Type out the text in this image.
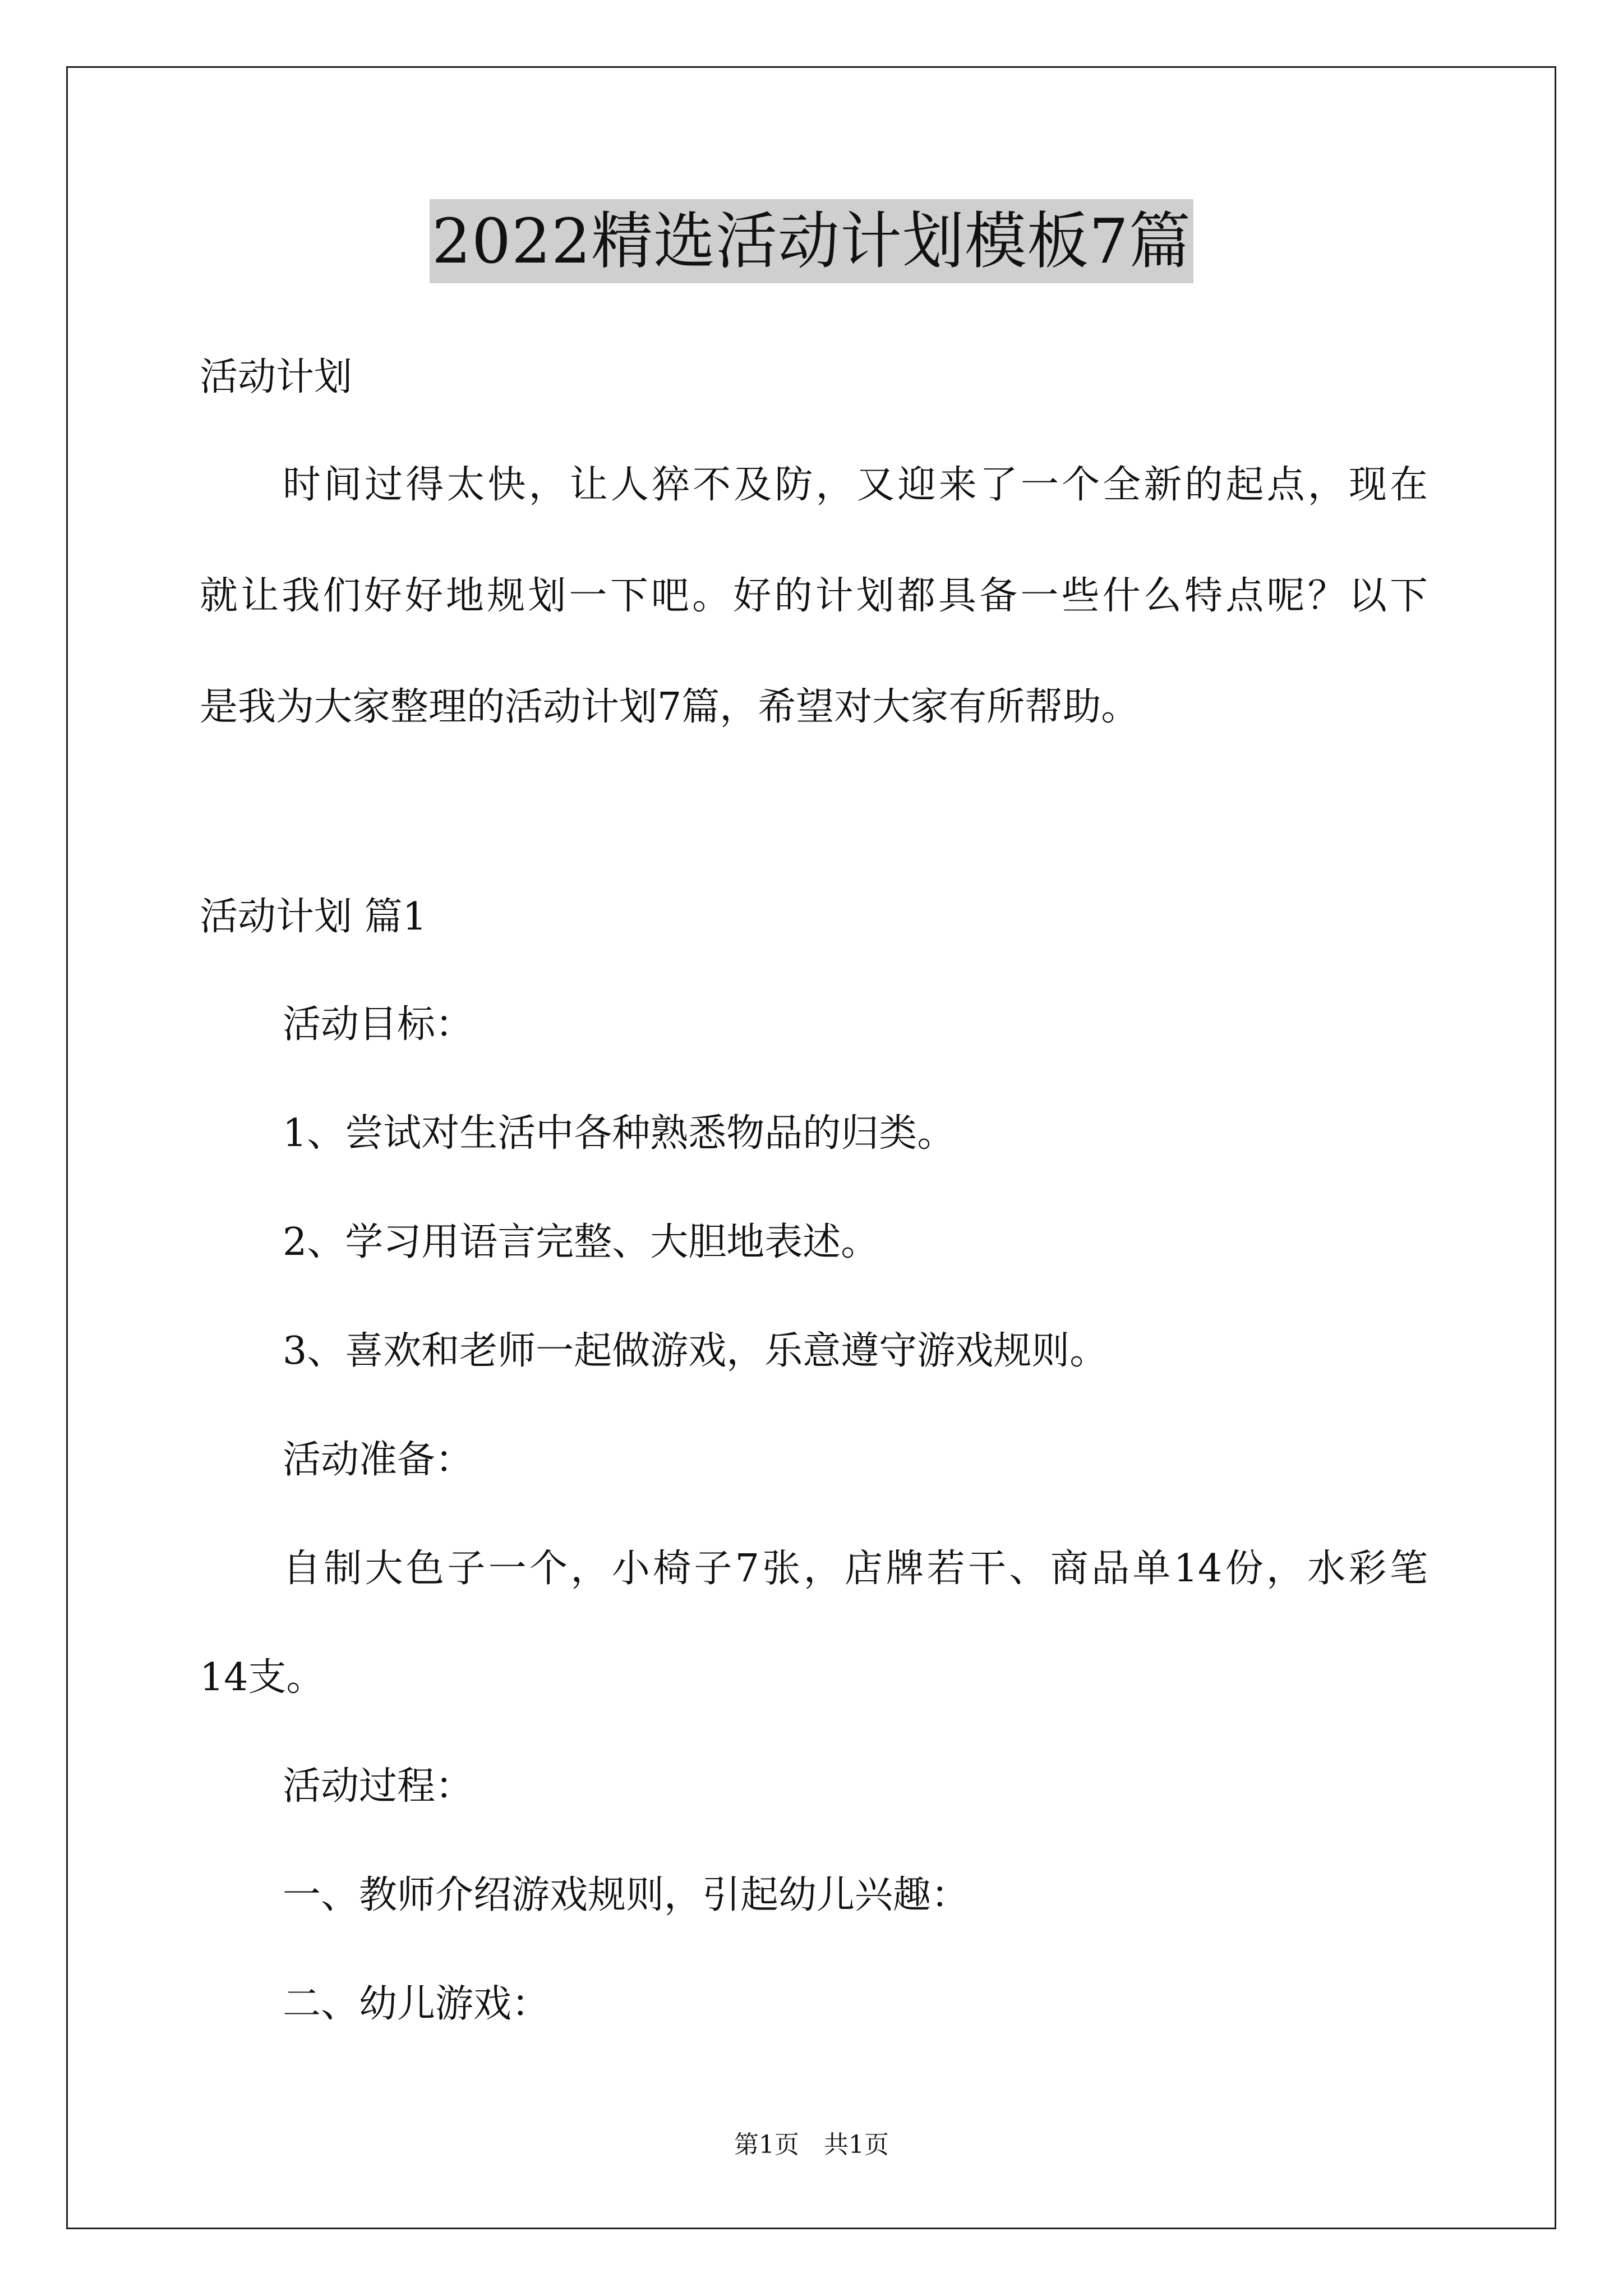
2022精选活动计划模板7篇
活动计划
时间过得太快，让人猝不及防，又迎来了一个全新的起点，现在
就让我们好好地规划一下吧。好的计划都具备一些什么特点呢？以下
是我为大家整理的活动计划7篇，希望对大家有所帮助。
活动计划 篇1
活动目标：
1、尝试对生活中各种熟悉物品的归类。
2、学习用语言完整、大胆地表述。
3、喜欢和老师一起做游戏，乐意遵守游戏规则。
活动准备：
自制大色子一个，小椅子7张，店牌若干、商品单14份，水彩笔
14支。
活动过程：
一、教师介绍游戏规则，引起幼儿兴趣：
二、幼儿游戏：
第1页　共1页
